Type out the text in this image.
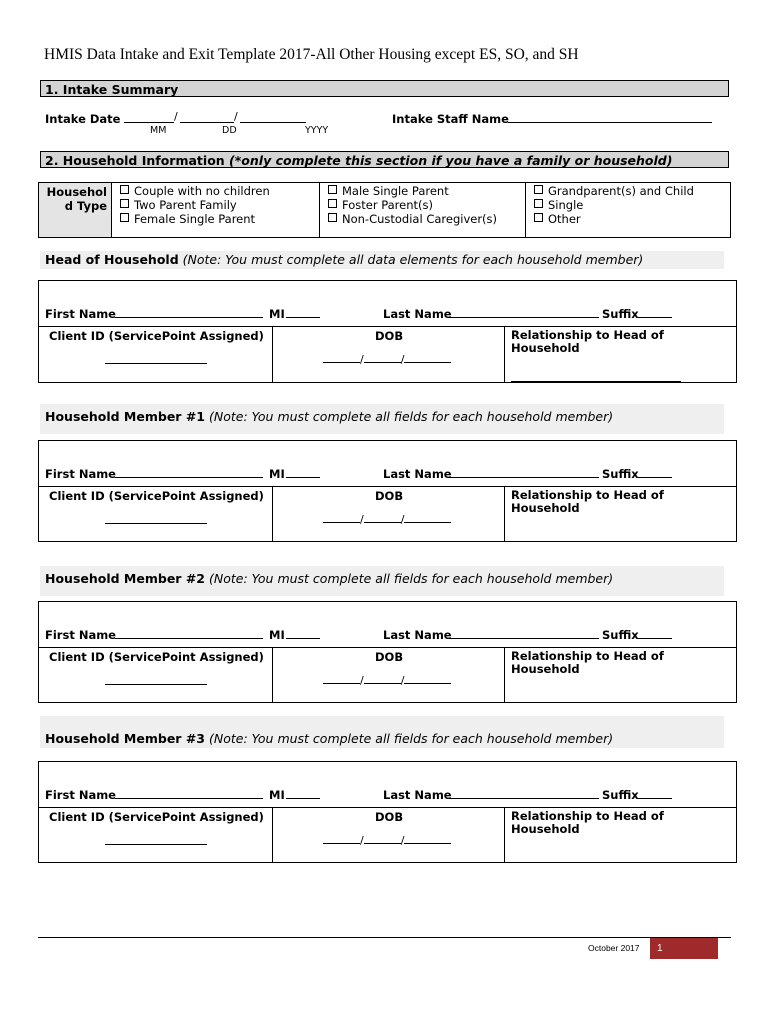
HMIS Data Intake and Exit Template 2017-All Other Housing except ES, SO, and SH
1. Intake Summary
Intake Date	/	/
MM	DD	YYYY
Intake Staff Name
2. Household Information (*only complete this section if you have a family or household)
Househol
d Type
Couple with no children
Two Parent Family
Female Single Parent
Male Single Parent
Foster Parent(s)
Non-Custodial Caregiver(s)
Grandparent(s) and Child
Single
Other
Head of Household (Note: You must complete all data elements for each household member)
First Name	MI	Last Name	Suffix
Client ID (ServicePoint Assigned)	DOB
/	/
Relationship to Head of
Household
Household Member #1 (Note: You must complete all fields for each household member)
First Name	MI	Last Name	Suffix
Client ID (ServicePoint Assigned)	DOB
/	/
Relationship to Head of
Household
Household Member #2 (Note: You must complete all fields for each household member)
First Name	MI	Last Name	Suffix
Client ID (ServicePoint Assigned)	DOB
/	/
Relationship to Head of
Household
Household Member #3 (Note: You must complete all fields for each household member)
First Name	MI	Last Name	Suffix
Client ID (ServicePoint Assigned)	DOB
/	/
Relationship to Head of
Household
October 2017	1
